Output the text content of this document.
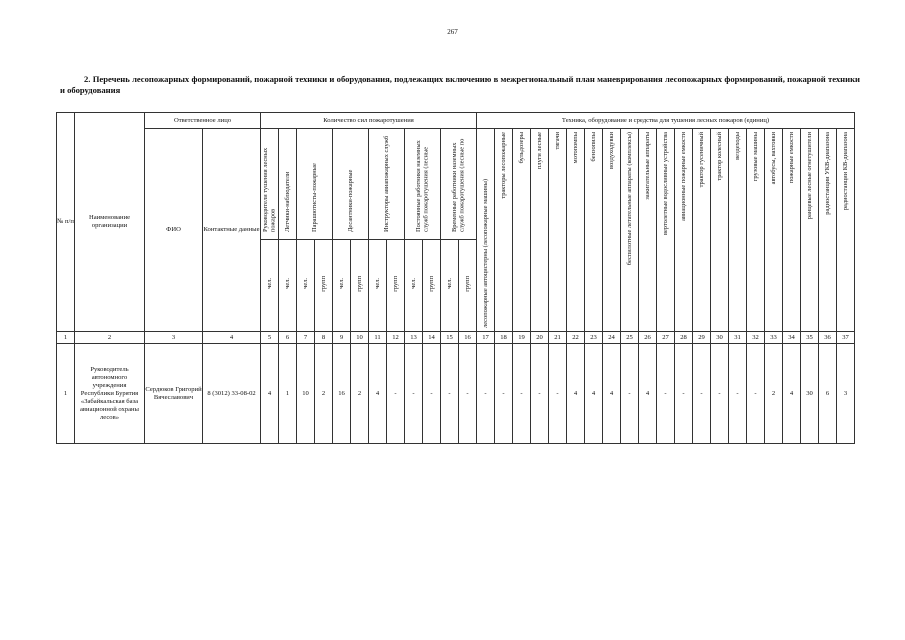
267
2. Перечень лесопожарных формирований, пожарной техники и оборудования, подлежащих включению в межрегиональный план маневрирования лесопожарных формирований, пожарной техники и оборудования
№ п/п	Наименование организации	Ответственное лицо		Количество сил пожаротушения												Техника, оборудование и средства для тушения лесных пожаров (единиц)																				
		ФИО	Контактные данные	Руководители тушения лесных пожаров	Летчики-наблюдатели	Парашютисты-пожарные		Десантники-пожарные		Инструкторы авиапожарных служб		Постоянные работники наземных служб пожаротушения (лесные		Временные работники наземных служб пожаротушения (лесные по		лесопожарные автоцистерны (лесопожарные машины)	тракторы лесопожарные	бульдозеры	плуги лесные	тягачи	мотопомпы	бензопилы	воздуходувки	беспилотные летательные аппараты (комплексы)	зажигательные аппараты	вертолетные водосливные устройства	авиационные пожарные емкости	трактор гусеничный	трактор колесный	вездеходы	грузовые машины	автобусы, вахтовки	пожарные емкости	ранцевые лесные огнетушители	радиостанции УКВ-диапазона	радиостанции КВ-диапазона
				чел.	чел.	чел.	групп	чел.	групп	чел.	групп	чел.	групп	чел.	групп																					
1	2	3	4	5	6	7	8	9	10	11	12	13	14	15	16	17	18	19	20	21	22	23	24	25	26	27	28	29	30	31	32	33	34	35	36	37
1	Руководитель автономного учреждения Республики Бурятия «Забайкальская база авиационной охраны лесов»	Сердюков Григорий Вячеславович	8 (3012) 33-08-02	4	1	10	2	16	2	4	-	-	-	-	-	-	-	-	-	-	4	4	4	-	4	-	-	-	-	-	-	2	4	30	6	3
